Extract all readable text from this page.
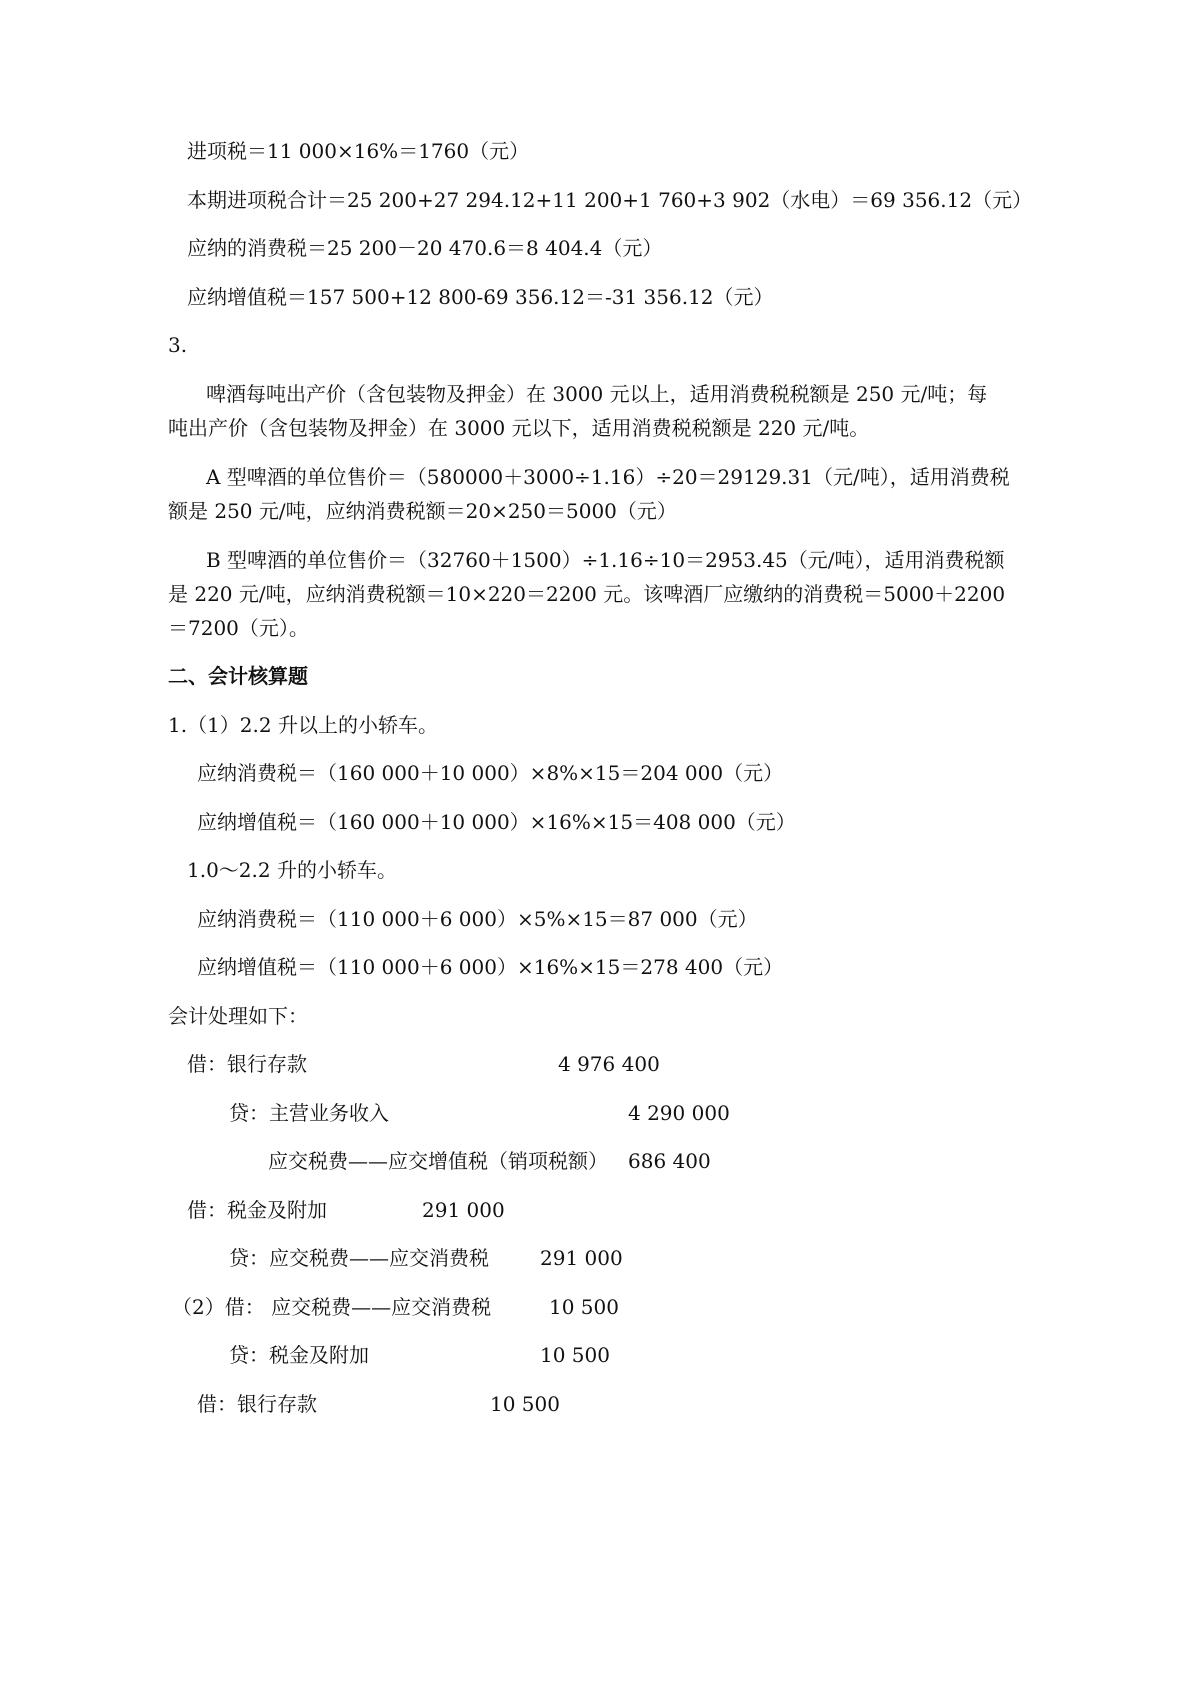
进项税＝11 000×16%＝1760（元）
本期进项税合计＝25 200+27 294.12+11 200+1 760+3 902（水电）＝69 356.12（元）
应纳的消费税＝25 200－20 470.6＝8 404.4（元）
应纳增值税＝157 500+12 800-69 356.12＝-31 356.12（元）
3.
啤酒每吨出产价（含包装物及押金）在 3000 元以上，适用消费税税额是 250 元/吨；每
吨出产价（含包装物及押金）在 3000 元以下，适用消费税税额是 220 元/吨。
A 型啤酒的单位售价＝（580000＋3000÷1.16）÷20＝29129.31（元/吨），适用消费税
额是 250 元/吨，应纳消费税额＝20×250＝5000（元）
B 型啤酒的单位售价＝（32760＋1500）÷1.16÷10＝2953.45（元/吨），适用消费税额
是 220 元/吨，应纳消费税额＝10×220＝2200 元。该啤酒厂应缴纳的消费税＝5000＋2200
＝7200（元）。
二、会计核算题
1.（1）2.2 升以上的小轿车。
应纳消费税＝（160 000＋10 000）×8%×15＝204 000（元）
应纳增值税＝（160 000＋10 000）×16%×15＝408 000（元）
1.0～2.2 升的小轿车。
应纳消费税＝（110 000＋6 000）×5%×15＝87 000（元）
应纳增值税＝（110 000＋6 000）×16%×15＝278 400（元）
会计处理如下：
借：银行存款	4 976 400
贷：主营业务收入	4 290 000
应交税费——应交增值税（销项税额） 686 400
借：税金及附加	291 000
贷：应交税费——应交消费税	291 000
（2）借： 应交税费——应交消费税	10 500
贷：税金及附加	10 500
借：银行存款	10 500
